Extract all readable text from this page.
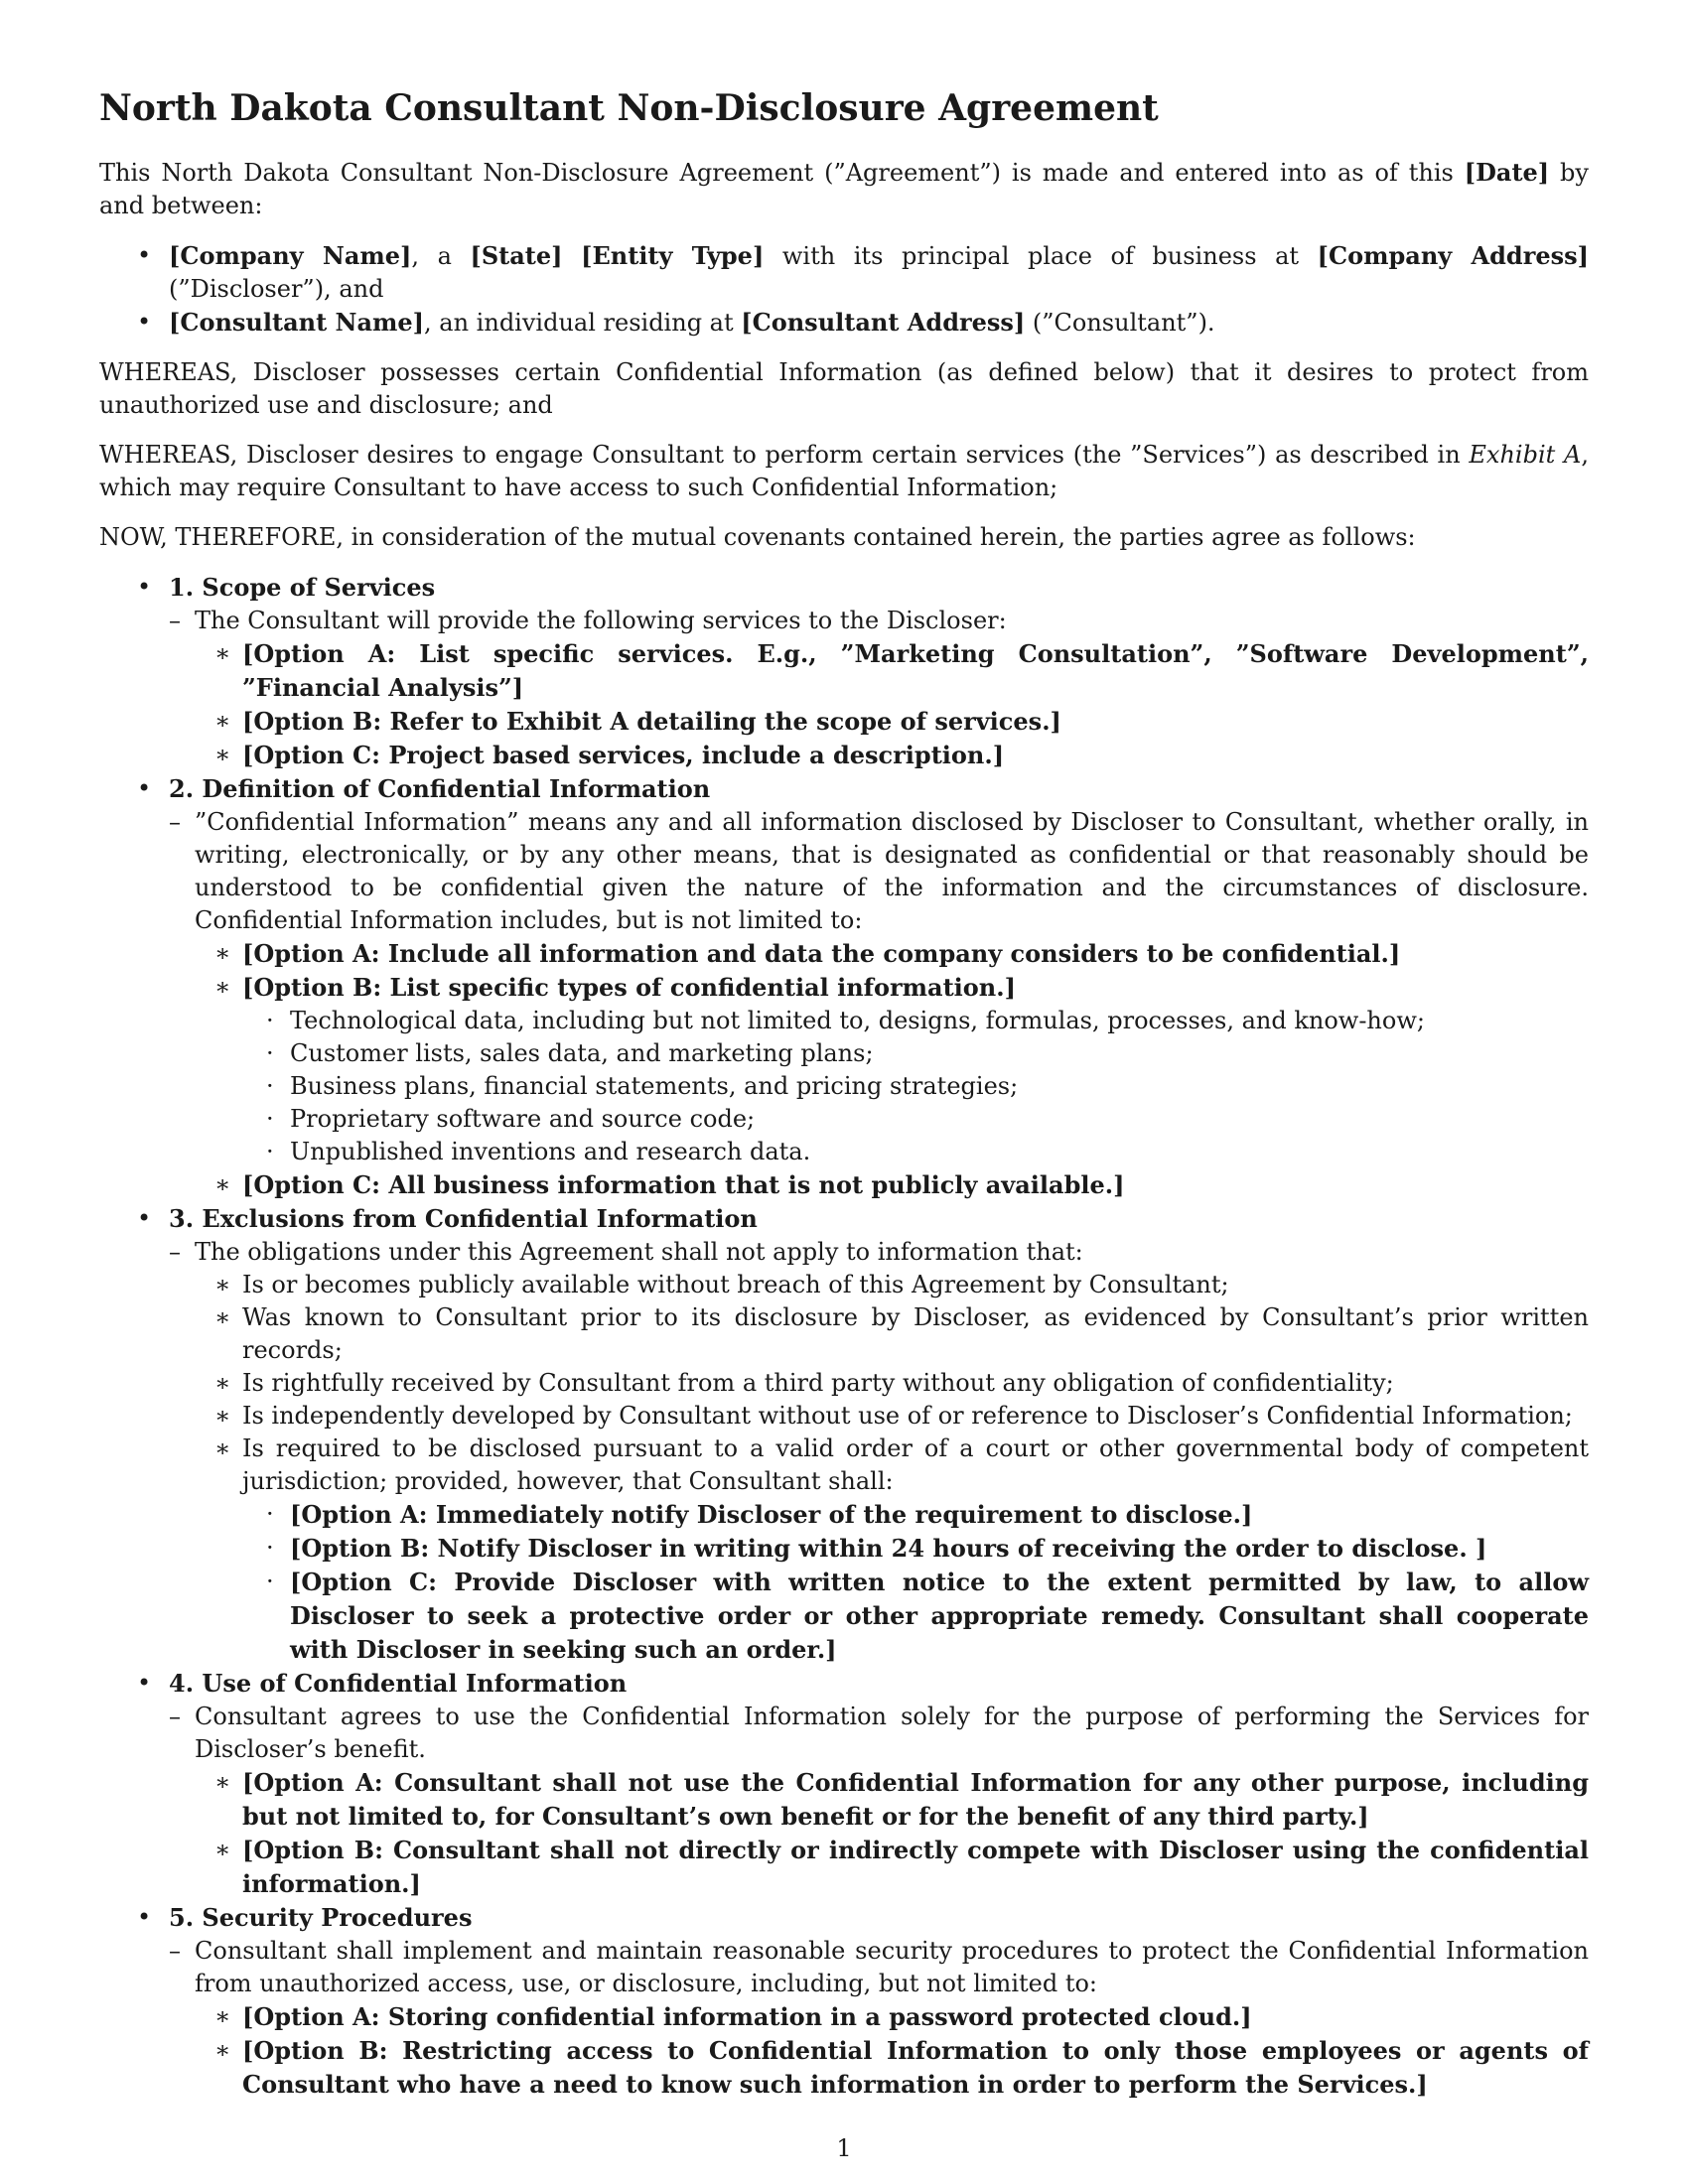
North Dakota Consultant Non-Disclosure Agreement

This North Dakota Consultant Non-Disclosure Agreement (”Agreement”) is made and entered into as of this [Date] by and between:

• [Company Name], a [State] [Entity Type] with its principal place of business at [Company Address] (”Discloser”), and
• [Consultant Name], an individual residing at [Consultant Address] (”Consultant”).

WHEREAS, Discloser possesses certain Confidential Information (as defined below) that it desires to protect from unauthorized use and disclosure; and

WHEREAS, Discloser desires to engage Consultant to perform certain services (the ”Services”) as described in Exhibit A, which may require Consultant to have access to such Confidential Information;

NOW, THEREFORE, in consideration of the mutual covenants contained herein, the parties agree as follows:

• 1. Scope of Services
– The Consultant will provide the following services to the Discloser:
∗ [Option A: List specific services. E.g., ”Marketing Consultation”, ”Software Development”, ”Financial Analysis”]
∗ [Option B: Refer to Exhibit A detailing the scope of services.]
∗ [Option C: Project based services, include a description.]
• 2. Definition of Confidential Information
– ”Confidential Information” means any and all information disclosed by Discloser to Consultant, whether orally, in writing, electronically, or by any other means, that is designated as confidential or that reasonably should be understood to be confidential given the nature of the information and the circumstances of disclosure. Confidential Information includes, but is not limited to:
∗ [Option A: Include all information and data the company considers to be confidential.]
∗ [Option B: List specific types of confidential information.]
· Technological data, including but not limited to, designs, formulas, processes, and know-how;
· Customer lists, sales data, and marketing plans;
· Business plans, financial statements, and pricing strategies;
· Proprietary software and source code;
· Unpublished inventions and research data.
∗ [Option C: All business information that is not publicly available.]
• 3. Exclusions from Confidential Information
– The obligations under this Agreement shall not apply to information that:
∗ Is or becomes publicly available without breach of this Agreement by Consultant;
∗ Was known to Consultant prior to its disclosure by Discloser, as evidenced by Consultant’s prior written records;
∗ Is rightfully received by Consultant from a third party without any obligation of confidentiality;
∗ Is independently developed by Consultant without use of or reference to Discloser’s Confidential Information;
∗ Is required to be disclosed pursuant to a valid order of a court or other governmental body of competent jurisdiction; provided, however, that Consultant shall:
· [Option A: Immediately notify Discloser of the requirement to disclose.]
· [Option B: Notify Discloser in writing within 24 hours of receiving the order to disclose. ]
· [Option C: Provide Discloser with written notice to the extent permitted by law, to allow Discloser to seek a protective order or other appropriate remedy. Consultant shall cooperate with Discloser in seeking such an order.]
• 4. Use of Confidential Information
– Consultant agrees to use the Confidential Information solely for the purpose of performing the Services for Discloser’s benefit.
∗ [Option A: Consultant shall not use the Confidential Information for any other purpose, including but not limited to, for Consultant’s own benefit or for the benefit of any third party.]
∗ [Option B: Consultant shall not directly or indirectly compete with Discloser using the confidential information.]
• 5. Security Procedures
– Consultant shall implement and maintain reasonable security procedures to protect the Confidential Information from unauthorized access, use, or disclosure, including, but not limited to:
∗ [Option A: Storing confidential information in a password protected cloud.]
∗ [Option B: Restricting access to Confidential Information to only those employees or agents of Consultant who have a need to know such information in order to perform the Services.]
1
